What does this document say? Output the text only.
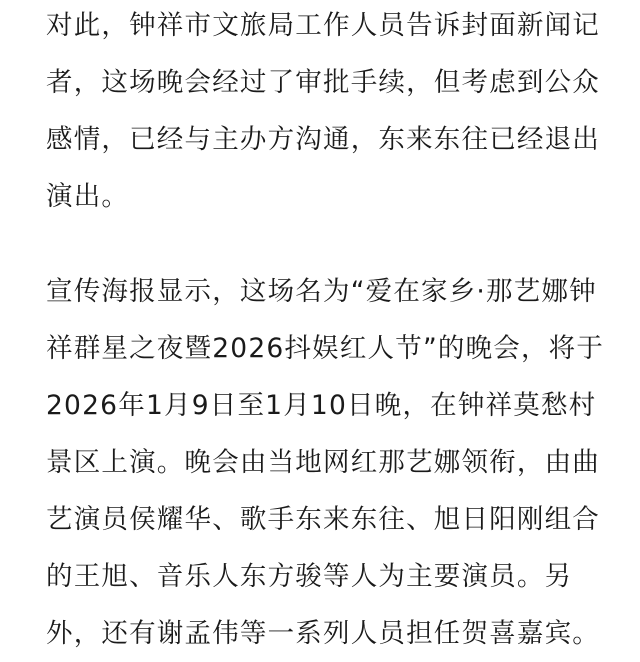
对此，钟祥市文旅局工作人员告诉封面新闻记
者，这场晚会经过了审批手续，但考虑到公众
感情，已经与主办方沟通，东来东往已经退出
演出。

宣传海报显示，这场名为“爱在家乡·那艺娜钟
祥群星之夜暨2026抖娱红人节”的晚会，将于
2026年1月9日至1月10日晚，在钟祥莫愁村
景区上演。晚会由当地网红那艺娜领衔，由曲
艺演员侯耀华、歌手东来东往、旭日阳刚组合
的王旭、音乐人东方骏等人为主要演员。另
外，还有谢孟伟等一系列人员担任贺喜嘉宾。
